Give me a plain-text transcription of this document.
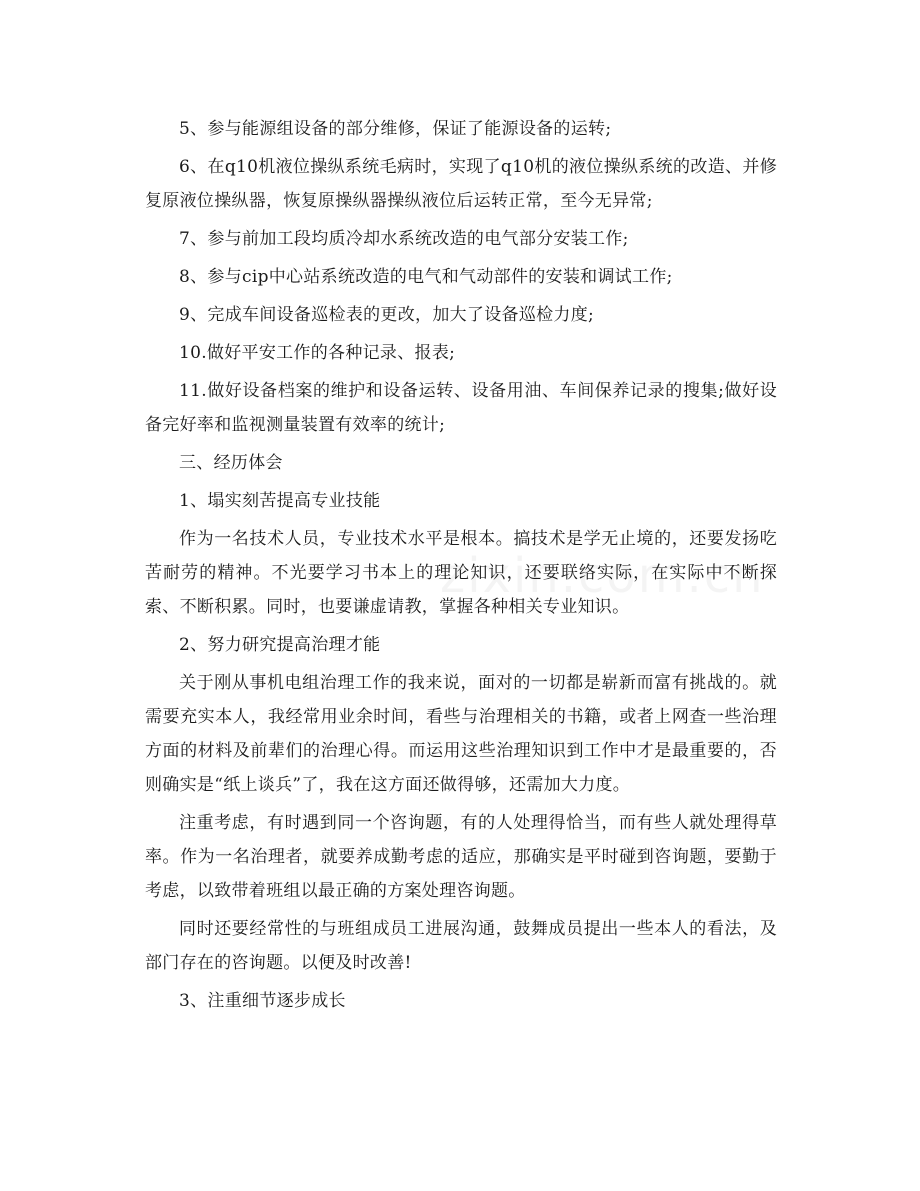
5、参与能源组设备的部分维修，保证了能源设备的运转;

6、在q10机液位操纵系统毛病时，实现了q10机的液位操纵系统的改造、并修复原液位操纵器，恢复原操纵器操纵液位后运转正常，至今无异常;

7、参与前加工段均质冷却水系统改造的电气部分安装工作;

8、参与cip中心站系统改造的电气和气动部件的安装和调试工作;

9、完成车间设备巡检表的更改，加大了设备巡检力度;

10.做好平安工作的各种记录、报表;

11.做好设备档案的维护和设备运转、设备用油、车间保养记录的搜集;做好设备完好率和监视测量装置有效率的统计;

三、经历体会

1、塌实刻苦提高专业技能

作为一名技术人员，专业技术水平是根本。搞技术是学无止境的，还要发扬吃苦耐劳的精神。不光要学习书本上的理论知识，还要联络实际，在实际中不断探索、不断积累。同时，也要谦虚请教，掌握各种相关专业知识。

2、努力研究提高治理才能

关于刚从事机电组治理工作的我来说，面对的一切都是崭新而富有挑战的。就需要充实本人，我经常用业余时间，看些与治理相关的书籍，或者上网查一些治理方面的材料及前辈们的治理心得。而运用这些治理知识到工作中才是最重要的，否则确实是“纸上谈兵”了，我在这方面还做得够，还需加大力度。

注重考虑，有时遇到同一个咨询题，有的人处理得恰当，而有些人就处理得草率。作为一名治理者，就要养成勤考虑的适应，那确实是平时碰到咨询题，要勤于考虑，以致带着班组以最正确的方案处理咨询题。

同时还要经常性的与班组成员工进展沟通，鼓舞成员提出一些本人的看法，及部门存在的咨询题。以便及时改善!

3、注重细节逐步成长
